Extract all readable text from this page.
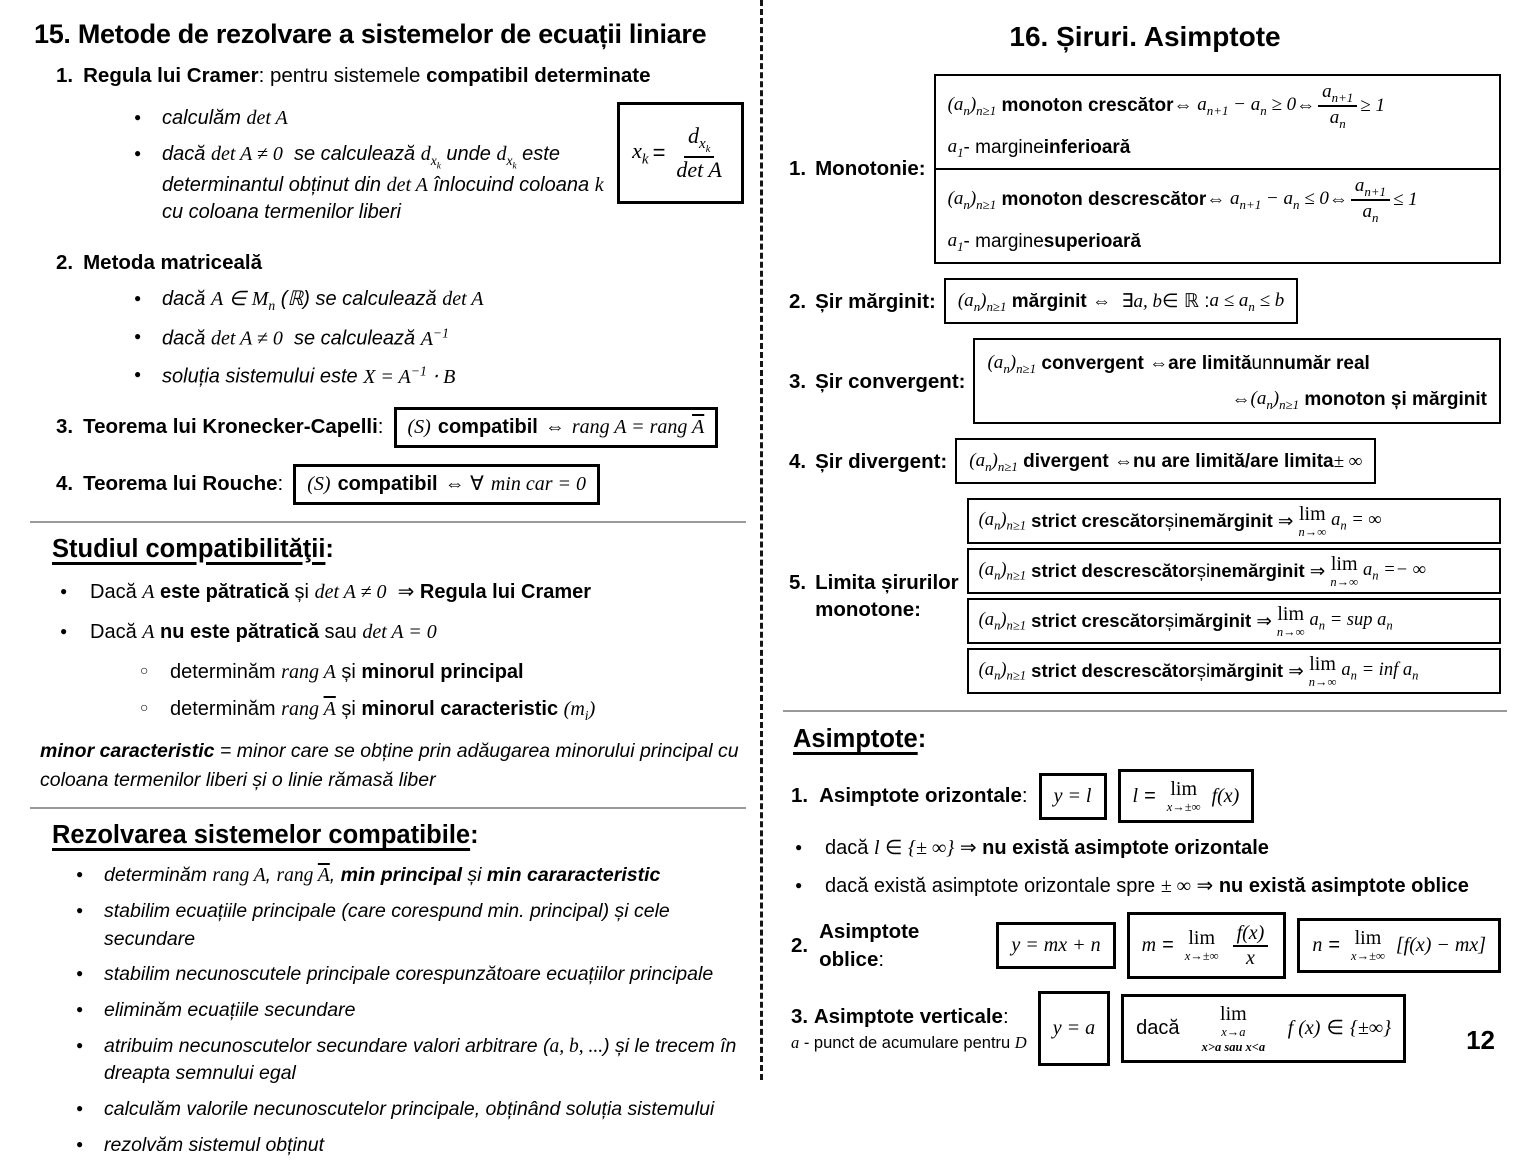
15. Metode de rezolvare a sistemelor de ecuații liniare
1. Regula lui Cramer: pentru sistemele compatibil determinate
● calculăm det A
● dacă det A ≠ 0  se calculează $d_{x_k}$ unde $d_{x_k}$ este determinantul obținut din det A înlocuind coloana k  cu coloana termenilor liberi
$x_k = \frac{d_{x_k}}{\text{det A}}$
2. Metoda matriceală
● dacă A ∈ $M_n$ (ℝ) se calculează det A
● dacă det A ≠ 0  se calculează $A^{-1}$
● soluția sistemului este $X = A^{-1} \cdot B$
3. Teorema lui Kronecker-Capelli: (S) compatibil ⇔ rang A = rang $\overline{A}$
4. Teorema lui Rouche: (S) compatibil ⇔ ∀ min car = 0
Studiul compatibilităţii:
● Dacă A este pătratică și det A ≠ 0  ⇒ Regula lui Cramer
● Dacă A nu este pătratică sau det A = 0
○ determinăm rang A și minorul principal
○ determinăm rang $\overline{A}$ și minorul caracteristic $(m_i)$

minor caracteristic = minor care se obține prin adăugarea minorului principal cu coloana termenilor liberi și o linie rămasă liber

Rezolvarea sistemelor compatibile:
● determinăm rang A, rang $\overline{A}$, min principal și min cararacteristic
● stabilim ecuațiile principale (care corespund min. principal) și cele secundare
● stabilim necunoscutele principale corespunzătoare ecuațiilor principale
● eliminăm ecuațiile secundare
● atribuim necunoscutelor secundare valori arbitrare (a, b, ...) și le trecem în dreapta semnului egal
● calculăm valorile necunoscutelor principale, obținând soluția sistemului
● rezolvăm sistemul obținut
16. Șiruri. Asimptote
1. Monotonie:
$(a_n)_{n\ge 1}$
monoton crescător ⇔ $a_{n+1} - a_n \ge 0$ ⇔ $\frac{a_{n+1}}{a_n} \ge 1$
$a_1$ - margine inferioară
$(a_n)_{n\ge 1}$
monoton descrescător ⇔ $a_{n+1} - a_n \le 0$ ⇔ $\frac{a_{n+1}}{a_n} \le 1$
$a_1$ - margine superioară
2. Șir mărginit: $(a_n)_{n\ge 1}$
mărginit ⇔  ∃ a, b ∈ ℝ : $a \le a_n \le b$
3. Șir convergent:
$(a_n)_{n\ge 1}$
convergent ⇔ are limită un număr real
⇔ $(a_n)_{n\ge 1}$
monoton și mărginit
4. Șir divergent: $(a_n)_{n\ge 1}$
divergent ⇔ nu are limită/are limita ± ∞
5. Limita șirurilor
monotone:
$(a_n)_{n\ge 1}$
strict crescător și nemărginit ⇒ lim
n→∞
$a_n$ = ∞
$(a_n)_{n\ge 1}$
strict descrescător și nemărginit ⇒ lim
n→∞
$a_n$ =− ∞
$(a_n)_{n\ge 1}$
strict crescător și mărginit ⇒ lim
n→∞
$a_n$ = sup $a_n$
$(a_n)_{n\ge 1}$
strict descrescător și mărginit ⇒ lim
n→∞
$a_n$ = inf $a_n$
Asimptote:
1. Asimptote orizontale: y = l l = lim
x→±∞
f(x)
● dacă l ∈ {± ∞} ⇒ nu există asimptote orizontale
● dacă există asimptote orizontale spre ± ∞ ⇒ nu există asimptote oblice
2.
Asimptote oblice:
y = mx + n m = lim
$x\to\pm\infty \frac{f(x)}{x}$ n = lim
x→±∞
[f(x) − mx]
3. Asimptote verticale:
a - punct de acumulare pentru D
y = a	dacă
lim
x→a
x>a sau x<a

f (x) ∈ {±∞}	12
